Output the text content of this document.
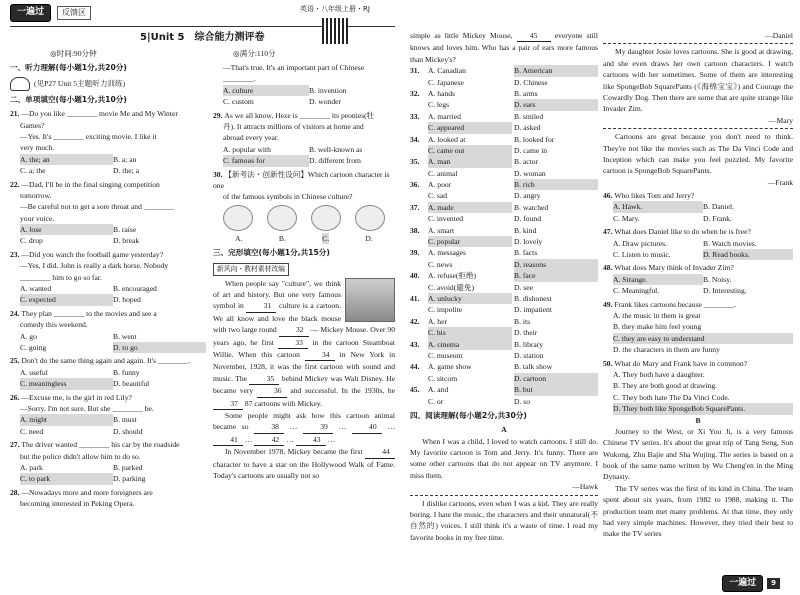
一遍过	反馈区	英语・八年级上册・RJ
5|Unit 5　综合能力测评卷
◎时间:90分钟
一、听力理解(每小题1分,共20分)
(见P27 Unit 5主题听力训练)
二、单项填空(每小题1分,共10分)
21. —Do you like ________ movie Me and My Winter
Games?
—Yes. It's ________ exciting movie. I like it
very much.
A. the; an	B. a; an
C. a; the	D. the; a
22. —Dad, I'll be in the final singing competition
tomorrow.
—Be careful not to get a sore throat and ________
your voice.
A. lose	B. raise
C. drop	D. break
23. —Did you watch the football game yesterday?
—Yes, I did. John is really a dark horse. Nobody
________ him to go so far.
A. wanted	B. encouraged
C. expected	D. hoped
24. They plan ________ to the movies and see a
comedy this weekend.
A. go	B. went
C. going	D. to go
25. Don't do the same thing again and again. It's ________.
A. useful	B. funny
C. meaningless	D. beautiful
26. —Excuse me, is the girl in red Lily?
—Sorry, I'm not sure. But she ________ be.
A. might	B. must
C. need	D. should
27. The driver wanted ________ his car by the roadside
but the police didn't allow him to do so.
A. park	B. parked
C. to park	D. parking
28. —Nowadays more and more foreigners are
becoming interested in Peking Opera.
◎满分:110分
—That's true. It's an important part of Chinese
________.
A. culture	B. invention
C. custom	D. wonder
29. As we all know, Heze is ________ its peonies(牡
丹). It attracts millions of visitors at home and
abroad every year.
A. popular with	B. well-known as
C. famous for	D. different from
30. 【新考法・创新性设问】Which cartoon character is one
of the famous symbols in Chinese culture?
A.	B.	C.	D.
三、完形填空(每小题1分,共15分)
新风向・教材素材改编
When people say "culture", we think of art and history. But one very famous symbol in 31 culture is a cartoon. We all know and love the black mouse with two large round 32 — Mickey Mouse. Over 90 years ago, he first 33 in the cartoon Steamboat Willie. When this cartoon 34 in New York in November, 1928, it was the first cartoon with sound and music. The 35 behind Mickey was Walt Disney. He became very 36 and successful. In the 1930s, he 37 87 cartoons with Mickey.
Some people might ask how this cartoon animal became so 38 … 39 … 40 … 41 … 42 … 43 …
In November 1978, Mickey became the first 44 character to have a star on the Hollywood Walk of Fame. Today's cartoons are usually not so
simple as little Mickey Mouse, 45 everyone still knows and loves him. Who has a pair of ears more famous than Mickey's?
31.	A. Canadian	B. American
C. Japanese	D. Chinese
32.	A. hands	B. arms
C. legs	D. ears
33.	A. married	B. smiled
C. appeared	D. asked
34.	A. looked at	B. looked for
C. came out	D. came in
35.	A. man	B. actor
C. animal	D. woman
36.	A. poor	B. rich
C. sad	D. angry
37.	A. made	B. watched
C. invented	D. found
38.	A. smart	B. kind
C. popular	D. lovely
39.	A. messages	B. facts
C. news	D. reasons
40.	A. refuse(拒绝)	B. face
C. avoid(避免)	D. see
41.	A. unlucky	B. dishonest
C. impolite	D. impatient
42.	A. her	B. its
C. his	D. their
43.	A. cinema	B. library
C. museum	D. station
44.	A. game show	B. talk show
C. sitcom	D. cartoon
45.	A. and	B. but
C. or	D. so
四、阅读理解(每小题2分,共30分)
A
When I was a child, I loved to watch cartoons. I still do. My favorite cartoon is Tom and Jerry. It's funny. There are some other cartoons that do not appear on TV anymore. I miss them.
—Hawk
I dislike cartoons, even when I was a kid. They are really boring. I hate the music, the characters and their unnatural(不自然的) voices. I still think it's a waste of time. I read my favorite books in my free time.
—Daniel
My daughter Josie loves cartoons. She is good at drawing, and she even draws her own cartoon characters. I watch cartoons with her sometimes. Some of them are interesting like SpongeBob SquarePants (《海绵宝宝》) and Courage the Cowardly Dog. Then there are some that are quite strange like Invader Zim.
—Mary
Cartoons are great because you don't need to think. They're not like the movies such as The Da Vinci Code and Inception which can make you feel puzzled. My favorite cartoon is SpongeBob SquarePants.
—Frank
46. Who likes Tom and Jerry?
A. Hawk.	B. Daniel.
C. Mary.	D. Frank.
47. What does Daniel like to do when he is free?
A. Draw pictures.	B. Watch movies.
C. Listen to music.	D. Read books.
48. What does Mary think of Invader Zim?
A. Strange.	B. Noisy.
C. Meaningful.	D. Interesting.
49. Frank likes cartoons because ________.
A. the music in them is great
B. they make him feel young
C. they are easy to understand
D. the characters in them are funny
50. What do Mary and Frank have in common?
A. They both have a daughter.
B. They are both good at drawing.
C. They both hate The Da Vinci Code.
D. They both like SpongeBob SquarePants.
B
Journey to the West, or Xi You Ji, is a very famous Chinese TV series. It's about the great trip of Tang Seng, Sun Wukong, Zhu Bajie and Sha Wujing. The series is based on a book of the same name written by Wu Cheng'en in the Ming Dynasty.
The TV series was the first of its kind in China. The team spent about six years, from 1982 to 1988, making it. The production team met many problems. At that time, they only had very simple machines. However, they tried their best to make the TV series
一遍过	9
